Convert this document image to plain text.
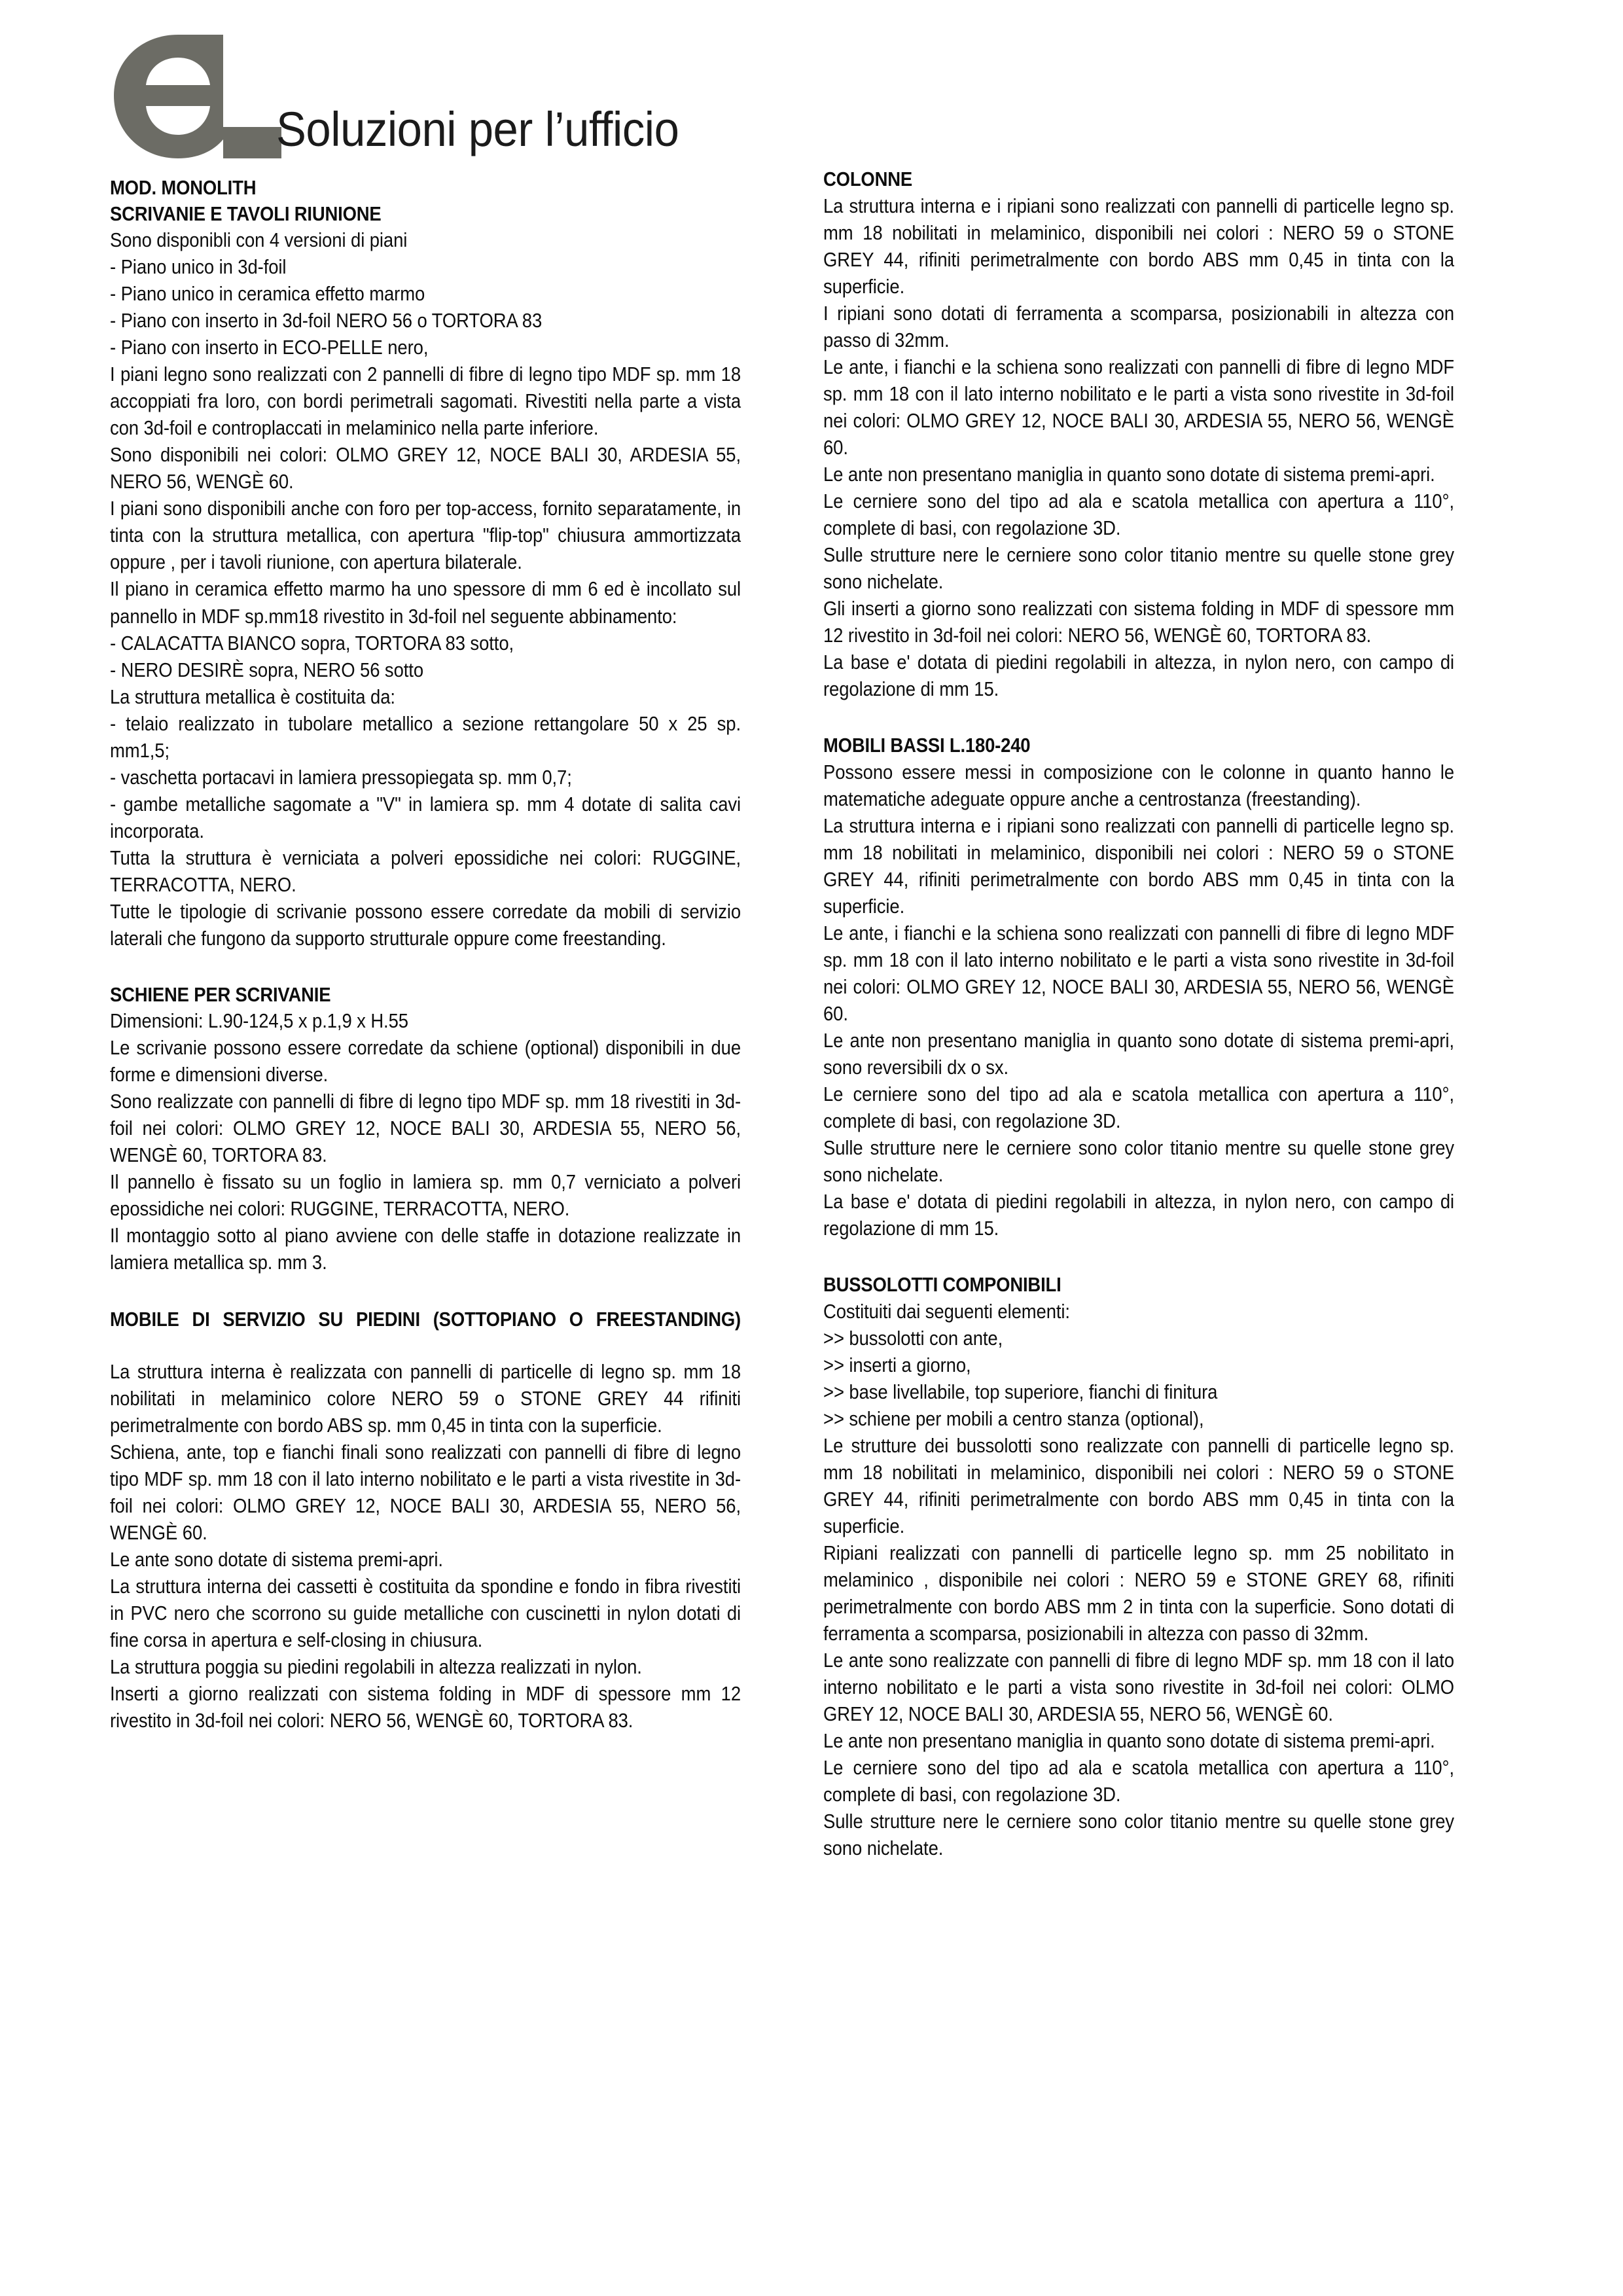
Soluzioni per l’ufficio
MOD. MONOLITH
SCRIVANIE E TAVOLI RIUNIONE
Sono disponibli con 4 versioni di piani
- Piano unico in 3d-foil
- Piano unico in ceramica effetto marmo
- Piano con inserto in 3d-foil NERO 56 o TORTORA 83
- Piano con inserto in ECO-PELLE nero,
I piani legno sono realizzati con 2 pannelli di fibre di legno tipo MDF sp. mm 18 accoppiati fra loro, con bordi perimetrali sagomati. Rivestiti nella parte a vista con 3d-foil e controplaccati in melaminico nella parte inferiore.
Sono disponibili nei colori: OLMO GREY 12, NOCE BALI 30, ARDESIA 55, NERO 56, WENGÈ 60.
I piani sono disponibili anche con foro per top-access, fornito separatamente, in tinta con la struttura metallica, con apertura "flip-top" chiusura ammortizzata oppure , per i tavoli riunione, con apertura bilaterale.
Il piano in ceramica effetto marmo ha uno spessore di mm 6 ed è incollato sul pannello in MDF sp.mm18 rivestito in 3d-foil nel seguente abbinamento:
- CALACATTA BIANCO sopra, TORTORA 83 sotto,
- NERO DESIRÈ sopra, NERO 56 sotto
La struttura metallica è costituita da:
- telaio realizzato in tubolare metallico a sezione rettangolare 50 x 25 sp. mm1,5;
- vaschetta portacavi in lamiera pressopiegata sp. mm 0,7;
- gambe metalliche sagomate a "V" in lamiera sp. mm 4 dotate di salita cavi incorporata.
Tutta la struttura è verniciata a polveri epossidiche nei colori: RUGGINE, TERRACOTTA, NERO.
Tutte le tipologie di scrivanie possono essere corredate da mobili di servizio laterali che fungono da supporto strutturale oppure come freestanding.
SCHIENE PER SCRIVANIE
Dimensioni: L.90-124,5 x p.1,9 x H.55
Le scrivanie possono essere corredate da schiene (optional) disponibili in due forme e dimensioni diverse.
Sono realizzate con pannelli di fibre di legno tipo MDF sp. mm 18 rivestiti in 3d-foil nei colori: OLMO GREY 12, NOCE BALI 30, ARDESIA 55, NERO 56, WENGÈ 60, TORTORA 83.
Il pannello è fissato su un foglio in lamiera sp. mm 0,7 verniciato a polveri epossidiche nei colori: RUGGINE, TERRACOTTA, NERO.
Il montaggio sotto al piano avviene con delle staffe in dotazione realizzate in lamiera metallica sp. mm 3.
MOBILE DI SERVIZIO SU PIEDINI (SOTTOPIANO O FREESTANDING)
La struttura interna è realizzata con pannelli di particelle di legno sp. mm 18 nobilitati in melaminico colore NERO 59 o STONE GREY 44 rifiniti perimetralmente con bordo ABS sp. mm 0,45 in tinta con la superficie.
Schiena, ante, top e fianchi finali sono realizzati con pannelli di fibre di legno tipo MDF sp. mm 18 con il lato interno nobilitato e le parti a vista rivestite in 3d-foil nei colori: OLMO GREY 12, NOCE BALI 30, ARDESIA 55, NERO 56, WENGÈ 60.
Le ante sono dotate di sistema premi-apri.
La struttura interna dei cassetti è costituita da spondine e fondo in fibra rivestiti in PVC nero che scorrono su guide metalliche con cuscinetti in nylon dotati di fine corsa in apertura e self-closing in chiusura.
La struttura poggia su piedini regolabili in altezza realizzati in nylon.
Inserti a giorno realizzati con sistema folding in MDF di spessore mm 12 rivestito in 3d-foil nei colori: NERO 56, WENGÈ 60, TORTORA 83.
COLONNE
La struttura interna e i ripiani sono realizzati con pannelli di particelle legno sp. mm 18 nobilitati in melaminico, disponibili nei colori : NERO 59 o STONE GREY 44, rifiniti perimetralmente con bordo ABS mm 0,45 in tinta con la superficie.
I ripiani sono dotati di ferramenta a scomparsa, posizionabili in altezza con passo di 32mm.
Le ante, i fianchi e la schiena sono realizzati con pannelli di fibre di legno MDF sp. mm 18 con il lato interno nobilitato e le parti a vista sono rivestite in 3d-foil nei colori: OLMO GREY 12, NOCE BALI 30, ARDESIA 55, NERO 56, WENGÈ 60.
Le ante non presentano maniglia in quanto sono dotate di sistema premi-apri.
Le cerniere sono del tipo ad ala e scatola metallica con apertura a 110°, complete di basi, con regolazione 3D.
Sulle strutture nere le cerniere sono color titanio mentre su quelle stone grey sono nichelate.
Gli inserti a giorno sono realizzati con sistema folding in MDF di spessore mm 12 rivestito in 3d-foil nei colori: NERO 56, WENGÈ 60, TORTORA 83.
La base e' dotata di piedini regolabili in altezza, in nylon nero, con campo di regolazione di mm 15.
MOBILI BASSI L.180-240
Possono essere messi in composizione con le colonne in quanto hanno le matematiche adeguate oppure anche a centrostanza (freestanding).
La struttura interna e i ripiani sono realizzati con pannelli di particelle legno sp. mm 18 nobilitati in melaminico, disponibili nei colori : NERO 59 o STONE GREY 44, rifiniti perimetralmente con bordo ABS mm 0,45 in tinta con la superficie.
Le ante, i fianchi e la schiena sono realizzati con pannelli di fibre di legno MDF sp. mm 18 con il lato interno nobilitato e le parti a vista sono rivestite in 3d-foil nei colori: OLMO GREY 12, NOCE BALI 30, ARDESIA 55, NERO 56, WENGÈ 60.
Le ante non presentano maniglia in quanto sono dotate di sistema premi-apri, sono reversibili dx o sx.
Le cerniere sono del tipo ad ala e scatola metallica con apertura a 110°, complete di basi, con regolazione 3D.
Sulle strutture nere le cerniere sono color titanio mentre su quelle stone grey sono nichelate.
La base e' dotata di piedini regolabili in altezza, in nylon nero, con campo di regolazione di mm 15.
BUSSOLOTTI COMPONIBILI
Costituiti dai seguenti elementi:
>> bussolotti con ante,
>> inserti a giorno,
>> base livellabile, top superiore, fianchi di finitura
>> schiene per mobili a centro stanza (optional),
Le strutture dei bussolotti sono realizzate con pannelli di particelle legno sp. mm 18 nobilitati in melaminico, disponibili nei colori : NERO 59 o STONE GREY 44, rifiniti perimetralmente con bordo ABS mm 0,45 in tinta con la superficie.
Ripiani realizzati con pannelli di particelle legno sp. mm 25 nobilitato in melaminico , disponibile nei colori : NERO 59 e STONE GREY 68, rifiniti perimetralmente con bordo ABS mm 2 in tinta con la superficie. Sono dotati di ferramenta a scomparsa, posizionabili in altezza con passo di 32mm.
Le ante sono realizzate con pannelli di fibre di legno MDF sp. mm 18 con il lato interno nobilitato e le parti a vista sono rivestite in 3d-foil nei colori: OLMO GREY 12, NOCE BALI 30, ARDESIA 55, NERO 56, WENGÈ 60.
Le ante non presentano maniglia in quanto sono dotate di sistema premi-apri.
Le cerniere sono del tipo ad ala e scatola metallica con apertura a 110°, complete di basi, con regolazione 3D.
Sulle strutture nere le cerniere sono color titanio mentre su quelle stone grey sono nichelate.
